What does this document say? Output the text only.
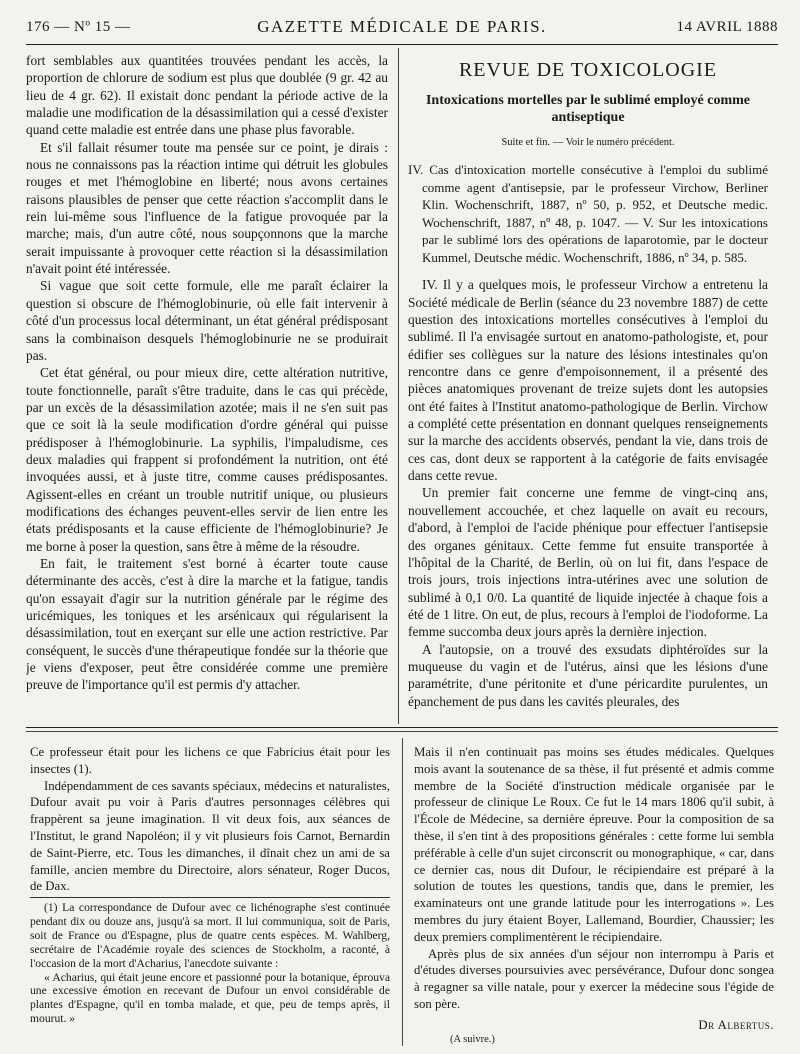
176 — Nº 15 —	GAZETTE MÉDICALE DE PARIS.	14 AVRIL 1888

fort semblables aux quantitées trouvées pendant les accès, la proportion de chlorure de sodium est plus que doublée (9 gr. 42 au lieu de 4 gr. 62). Il existait donc pendant la période active de la maladie une modification de la désassimilation qui a cessé d'exister quand cette maladie est entrée dans une phase plus favorable.

Et s'il fallait résumer toute ma pensée sur ce point, je dirais : nous ne connaissons pas la réaction intime qui détruit les globules rouges et met l'hémoglobine en liberté; nous avons certaines raisons plausibles de penser que cette réaction s'accomplit dans le rein lui-même sous l'influence de la fatigue provoquée par la marche; mais, d'un autre côté, nous soupçonnons que la marche serait impuissante à provoquer cette réaction si la désassimilation n'avait point été intéressée.

Si vague que soit cette formule, elle me paraît éclairer la question si obscure de l'hémoglobinurie, où elle fait intervenir à côté d'un processus local déterminant, un état général prédisposant sans la combinaison desquels l'hémoglobinurie ne se produirait pas.

Cet état général, ou pour mieux dire, cette altération nutritive, toute fonctionnelle, paraît s'être traduite, dans le cas qui précède, par un excès de la désassimilation azotée; mais il ne s'en suit pas que ce soit là la seule modification d'ordre général qui puisse prédisposer à l'hémoglobinurie. La syphilis, l'impaludisme, ces deux maladies qui frappent si profondément la nutrition, ont été invoquées aussi, et à juste titre, comme causes prédisposantes. Agissent-elles en créant un trouble nutritif unique, ou plusieurs modifications des échanges peuvent-elles servir de lien entre les états prédisposants et la cause efficiente de l'hémoglobinurie? Je me borne à poser la question, sans être à même de la résoudre.

En fait, le traitement s'est borné à écarter toute cause déterminante des accès, c'est à dire la marche et la fatigue, tandis qu'on essayait d'agir sur la nutrition générale par le régime des uricémiques, les toniques et les arsénicaux qui régularisent la désassimilation, tout en exerçant sur elle une action restrictive. Par conséquent, le succès d'une thérapeutique fondée sur la théorie que je viens d'exposer, peut être considérée comme une première preuve de l'importance qu'il est permis d'y attacher.

REVUE DE TOXICOLOGIE
Intoxications mortelles par le sublimé employé comme antiseptique
Suite et fin. — Voir le numéro précédent.

IV. Cas d'intoxication mortelle consécutive à l'emploi du sublimé comme agent d'antisepsie, par le professeur Virchow, Berliner Klin. Wochenschrift, 1887, nº 50, p. 952, et Deutsche medic. Wochenschrift, 1887, nº 48, p. 1047. — V. Sur les intoxications par le sublimé lors des opérations de laparotomie, par le docteur Kummel, Deutsche médic. Wochenschrift, 1886, nº 34, p. 585.

IV. Il y a quelques mois, le professeur Virchow a entretenu la Société médicale de Berlin (séance du 23 novembre 1887) de cette question des intoxications mortelles consécutives à l'emploi du sublimé. Il l'a envisagée surtout en anatomo-pathologiste, et, pour édifier ses collègues sur la nature des lésions intestinales qu'on rencontre dans ce genre d'empoisonnement, il a présenté des pièces anatomiques provenant de treize sujets dont les autopsies ont été faites à l'Institut anatomo-pathologique de Berlin. Virchow a complété cette présentation en donnant quelques renseignements sur la marche des accidents observés, pendant la vie, dans trois de ces cas, dont deux se rapportent à la catégorie de faits envisagée dans cette revue.

Un premier fait concerne une femme de vingt-cinq ans, nouvellement accouchée, et chez laquelle on avait eu recours, d'abord, à l'emploi de l'acide phénique pour effectuer l'antisepsie des organes génitaux. Cette femme fut ensuite transportée à l'hôpital de la Charité, de Berlin, où on lui fit, dans l'espace de trois jours, trois injections intra-utérines avec une solution de sublimé à 0,1 0/0. La quantité de liquide injectée à chaque fois a été de 1 litre. On eut, de plus, recours à l'emploi de l'iodoforme. La femme succomba deux jours après la dernière injection.

A l'autopsie, on a trouvé des exsudats diphtéroïdes sur la muqueuse du vagin et de l'utérus, ainsi que les lésions d'une paramétrite, d'une péritonite et d'une péricardite purulentes, un épanchement de pus dans les cavités pleurales, des

Ce professeur était pour les lichens ce que Fabricius était pour les insectes (1).

Indépendamment de ces savants spéciaux, médecins et naturalistes, Dufour avait pu voir à Paris d'autres personnages célèbres qui frappèrent sa jeune imagination. Il vit deux fois, aux séances de l'Institut, le grand Napoléon; il y vit plusieurs fois Carnot, Bernardin de Saint-Pierre, etc. Tous les dimanches, il dînait chez un ami de sa famille, ancien membre du Directoire, alors sénateur, Roger Ducos, de Dax.

(1) La correspondance de Dufour avec ce lichénographe s'est continuée pendant dix ou douze ans, jusqu'à sa mort. Il lui communiqua, soit de Paris, soit de France ou d'Espagne, plus de quatre cents espèces. M. Wahlberg, secrétaire de l'Académie royale des sciences de Stockholm, a raconté, à l'occasion de la mort d'Acharius, l'anecdote suivante :

« Acharius, qui était jeune encore et passionné pour la botanique, éprouva une excessive émotion en recevant de Dufour un envoi considérable de plantes d'Espagne, qu'il en tomba malade, et que, peu de temps après, il mourut. »

Mais il n'en continuait pas moins ses études médicales. Quelques mois avant la soutenance de sa thèse, il fut présenté et admis comme membre de la Société d'instruction médicale organisée par le professeur de clinique Le Roux. Ce fut le 14 mars 1806 qu'il subit, à l'École de Médecine, sa dernière épreuve. Pour la composition de sa thèse, il s'en tint à des propositions générales : cette forme lui sembla préférable à celle d'un sujet circonscrit ou monographique, « car, dans ce dernier cas, nous dit Dufour, le récipiendaire est préparé à la solution de toutes les questions, tandis que, dans le premier, les examinateurs ont une grande latitude pour les interrogations ». Les membres du jury étaient Boyer, Lallemand, Bourdier, Chaussier; les deux premiers complimentèrent le récipiendaire.

Après plus de six années d'un séjour non interrompu à Paris et d'études diverses poursuivies avec persévérance, Dufour donc songea à regagner sa ville natale, pour y exercer la médecine sous l'égide de son père.

Dr Albertus.

(A suivre.)
